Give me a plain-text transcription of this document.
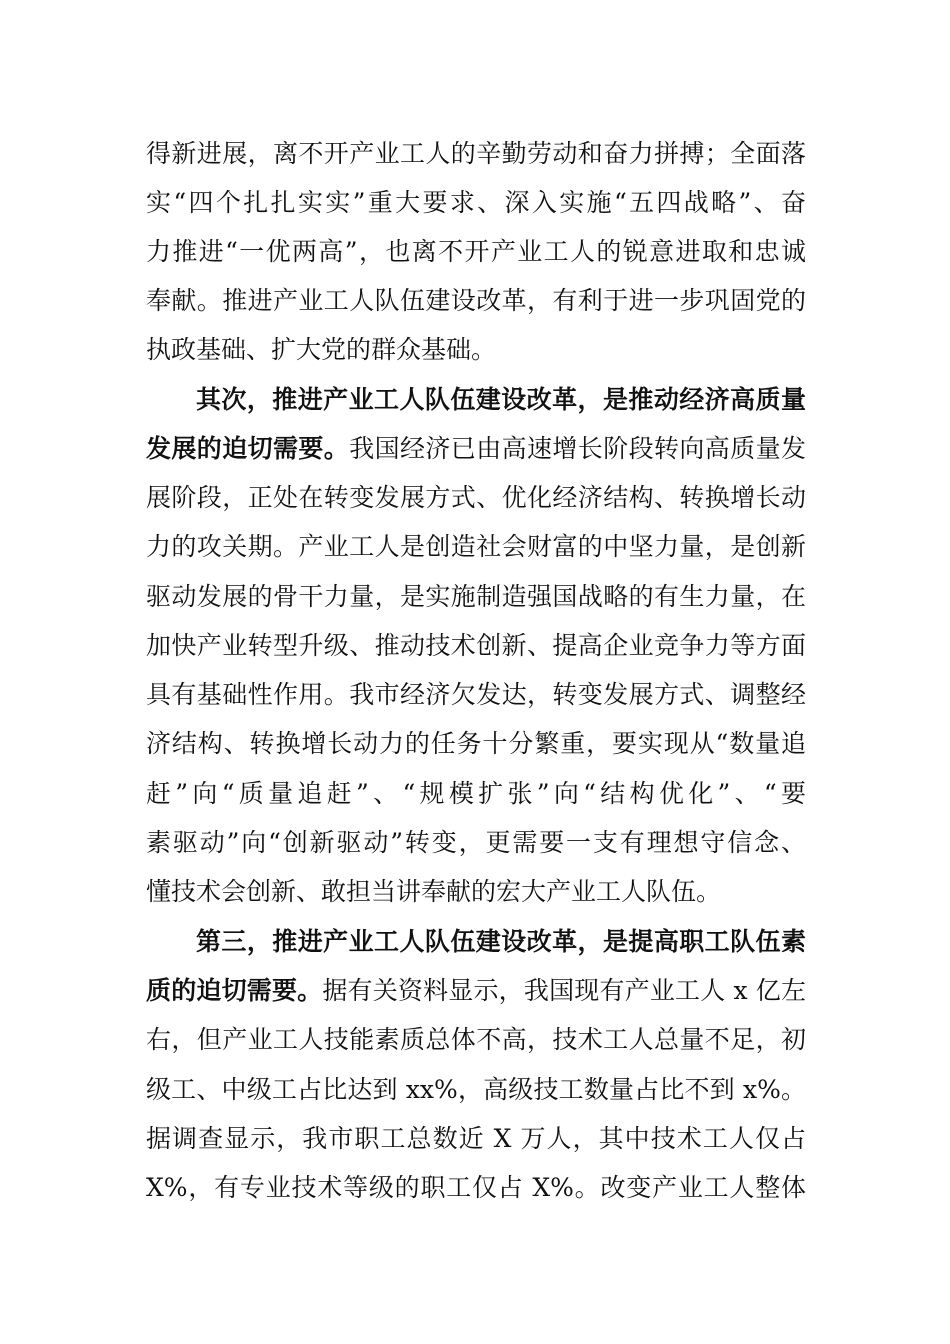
得新进展，离不开产业工人的辛勤劳动和奋力拼搏；全面落
实“四个扎扎实实”重大要求、深入实施“五四战略”、奋
力推进“一优两高”，也离不开产业工人的锐意进取和忠诚
奉献。推进产业工人队伍建设改革，有利于进一步巩固党的
执政基础、扩大党的群众基础。
其次，推进产业工人队伍建设改革，是推动经济高质量
发展的迫切需要。我国经济已由高速增长阶段转向高质量发
展阶段，正处在转变发展方式、优化经济结构、转换增长动
力的攻关期。产业工人是创造社会财富的中坚力量，是创新
驱动发展的骨干力量，是实施制造强国战略的有生力量，在
加快产业转型升级、推动技术创新、提高企业竞争力等方面
具有基础性作用。我市经济欠发达，转变发展方式、调整经
济结构、转换增长动力的任务十分繁重，要实现从“数量追
赶”向“质量追赶”、“规模扩张”向“结构优化”、“要
素驱动”向“创新驱动”转变，更需要一支有理想守信念、
懂技术会创新、敢担当讲奉献的宏大产业工人队伍。
第三，推进产业工人队伍建设改革，是提高职工队伍素
质的迫切需要。据有关资料显示，我国现有产业工人 x 亿左
右，但产业工人技能素质总体不高，技术工人总量不足，初
级工、中级工占比达到 xx%，高级技工数量占比不到 x%。
据调查显示，我市职工总数近 X 万人，其中技术工人仅占
X%，有专业技术等级的职工仅占 X%。改变产业工人整体
